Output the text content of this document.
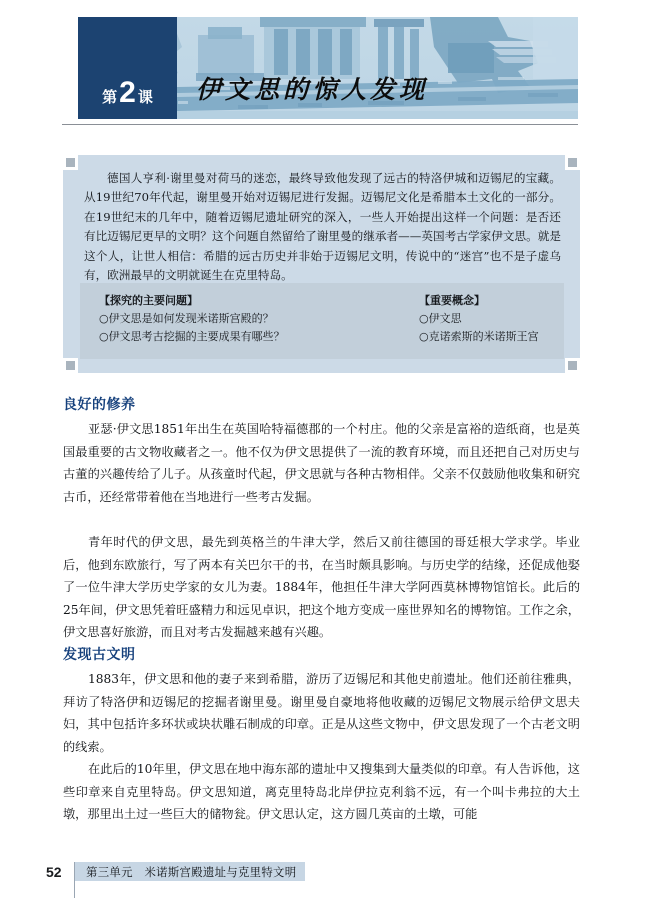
第2 课	伊文思的惊人发现
德国人亨利·谢里曼对荷马的迷恋，最终导致他发现了远古的特洛伊城和迈锡尼的宝藏。从19世纪70年代起，谢里曼开始对迈锡尼进行发掘。迈锡尼文化是希腊本土文化的一部分。在19世纪末的几年中，随着迈锡尼遗址研究的深入，一些人开始提出这样一个问题：是否还有比迈锡尼更早的文明？这个问题自然留给了谢里曼的继承者——英国考古学家伊文思。就是这个人，让世人相信：希腊的远古历史并非始于迈锡尼文明，传说中的“迷宫”也不是子虚乌有，欧洲最早的文明就诞生在克里特岛。
【探究的主要问题】
○伊文思是如何发现米诺斯宫殿的？
○伊文思考古挖掘的主要成果有哪些？
【重要概念】
○伊文思
○克诺索斯的米诺斯王宫
良好的修养
亚瑟·伊文思1851年出生在英国哈特福德郡的一个村庄。他的父亲是富裕的造纸商，也是英国最重要的古文物收藏者之一。他不仅为伊文思提供了一流的教育环境，而且还把自己对历史与古董的兴趣传给了儿子。从孩童时代起，伊文思就与各种古物相伴。父亲不仅鼓励他收集和研究古币，还经常带着他在当地进行一些考古发掘。
青年时代的伊文思，最先到英格兰的牛津大学，然后又前往德国的哥廷根大学求学。毕业后，他到东欧旅行，写了两本有关巴尔干的书，在当时颇具影响。与历史学的结缘，还促成他娶了一位牛津大学历史学家的女儿为妻。1884年，他担任牛津大学阿西莫林博物馆馆长。此后的25年间，伊文思凭着旺盛精力和远见卓识，把这个地方变成一座世界知名的博物馆。工作之余，伊文思喜好旅游，而且对考古发掘越来越有兴趣。
发现古文明
1883年，伊文思和他的妻子来到希腊，游历了迈锡尼和其他史前遗址。他们还前往雅典，拜访了特洛伊和迈锡尼的挖掘者谢里曼。谢里曼自豪地将他收藏的迈锡尼文物展示给伊文思夫妇，其中包括许多环状或块状雕石制成的印章。正是从这些文物中，伊文思发现了一个古老文明的线索。
在此后的10年里，伊文思在地中海东部的遗址中又搜集到大量类似的印章。有人告诉他，这些印章来自克里特岛。伊文思知道，离克里特岛北岸伊拉克利翁不远，有一个叫卡弗拉的大土墩，那里出土过一些巨大的储物瓮。伊文思认定，这方圆几英亩的土墩，可能
52 第三单元　米诺斯宫殿遗址与克里特文明
